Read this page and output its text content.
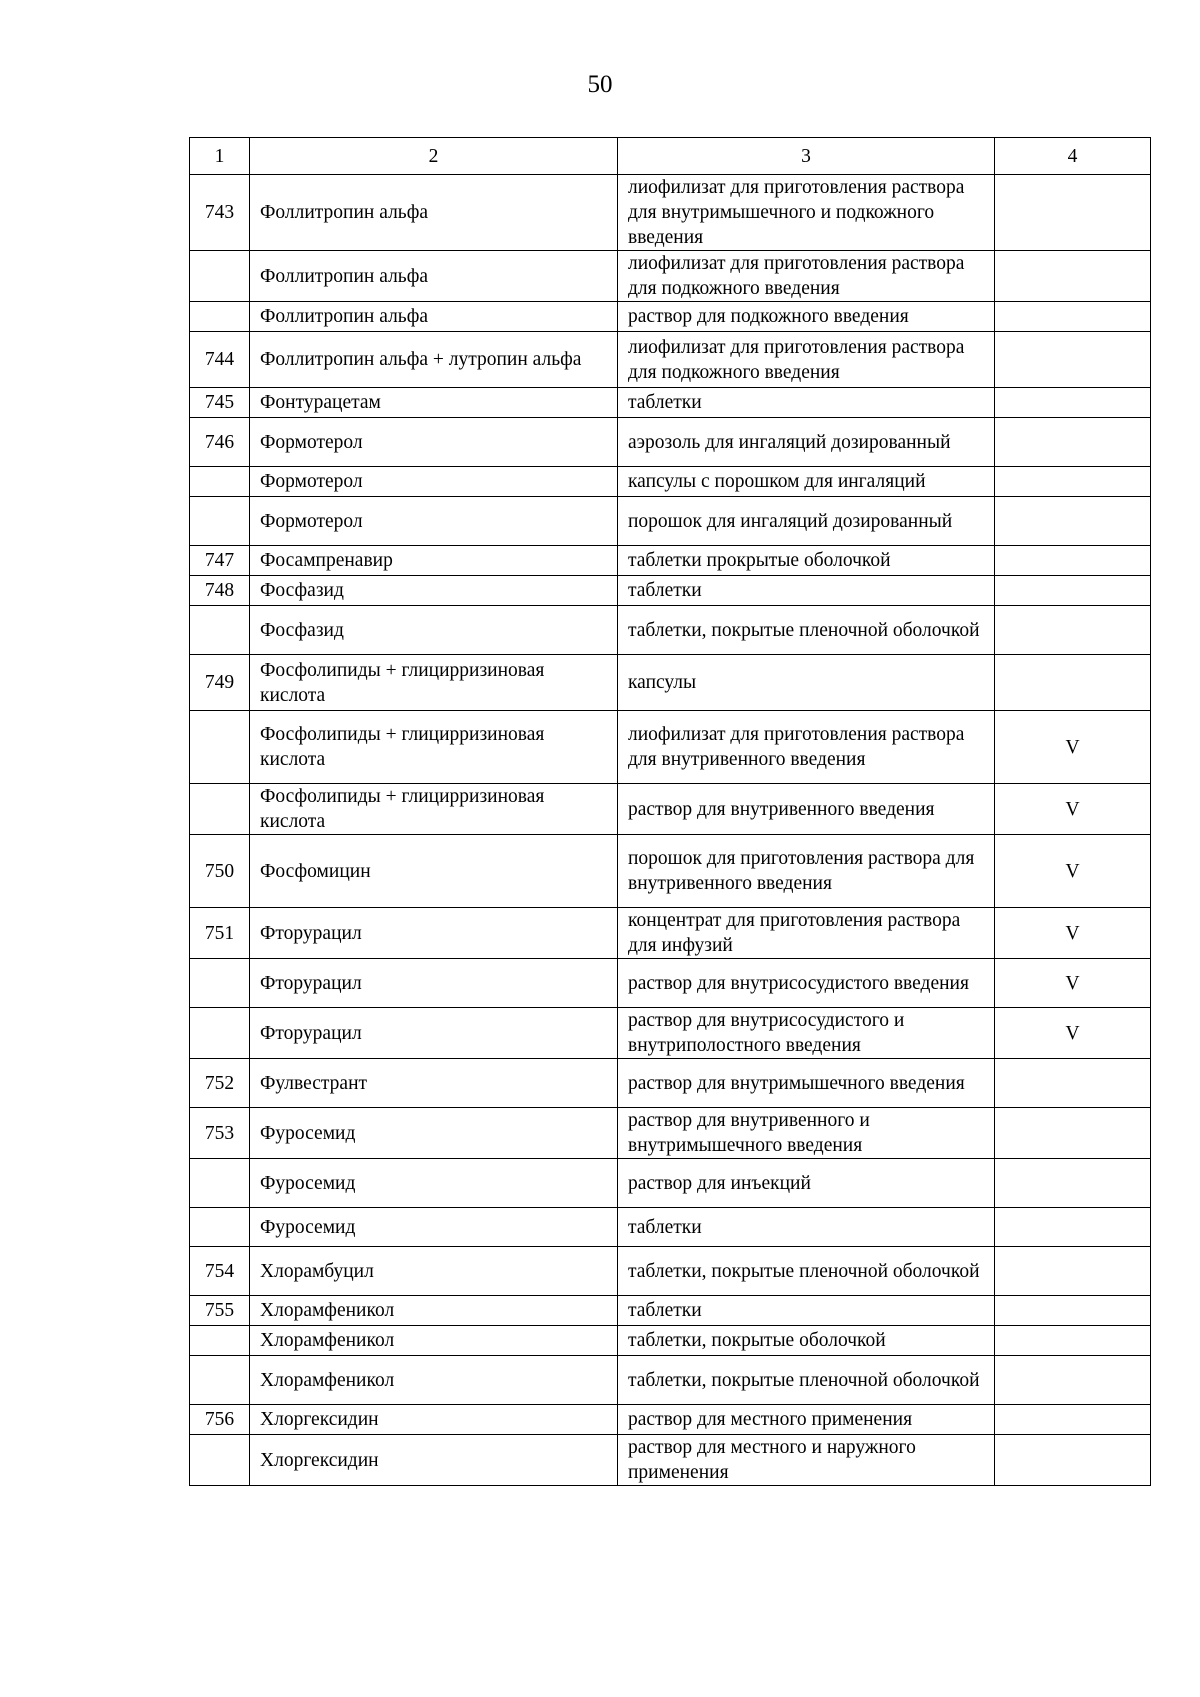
50
1	2	3	4
743	Фоллитропин альфа	лиофилизат для приготовления раствора для внутримышечного и подкожного введения	
	Фоллитропин альфа	лиофилизат для приготовления раствора для подкожного введения	
	Фоллитропин альфа	раствор для подкожного введения	
744	Фоллитропин альфа + лутропин альфа	лиофилизат для приготовления раствора для подкожного введения	
745	Фонтурацетам	таблетки	
746	Формотерол	аэрозоль для ингаляций дозированный	
	Формотерол	капсулы с порошком для ингаляций	
	Формотерол	порошок для ингаляций дозированный	
747	Фосампренавир	таблетки прокрытые оболочкой	
748	Фосфазид	таблетки	
	Фосфазид	таблетки, покрытые пленочной оболочкой	
749	Фосфолипиды + глицирризиновая кислота	капсулы	
	Фосфолипиды + глицирризиновая кислота	лиофилизат для приготовления раствора для внутривенного введения	V
	Фосфолипиды + глицирризиновая кислота	раствор для внутривенного введения	V
750	Фосфомицин	порошок для приготовления раствора для внутривенного введения	V
751	Фторурацил	концентрат для приготовления раствора для инфузий	V
	Фторурацил	раствор для внутрисосудистого введения	V
	Фторурацил	раствор для внутрисосудистого и внутриполостного введения	V
752	Фулвестрант	раствор для внутримышечного введения	
753	Фуросемид	раствор для внутривенного и внутримышечного введения	
	Фуросемид	раствор для инъекций	
	Фуросемид	таблетки	
754	Хлорамбуцил	таблетки, покрытые пленочной оболочкой	
755	Хлорамфеникол	таблетки	
	Хлорамфеникол	таблетки, покрытые оболочкой	
	Хлорамфеникол	таблетки, покрытые пленочной оболочкой	
756	Хлоргексидин	раствор для местного применения	
	Хлоргексидин	раствор для местного и наружного применения	
